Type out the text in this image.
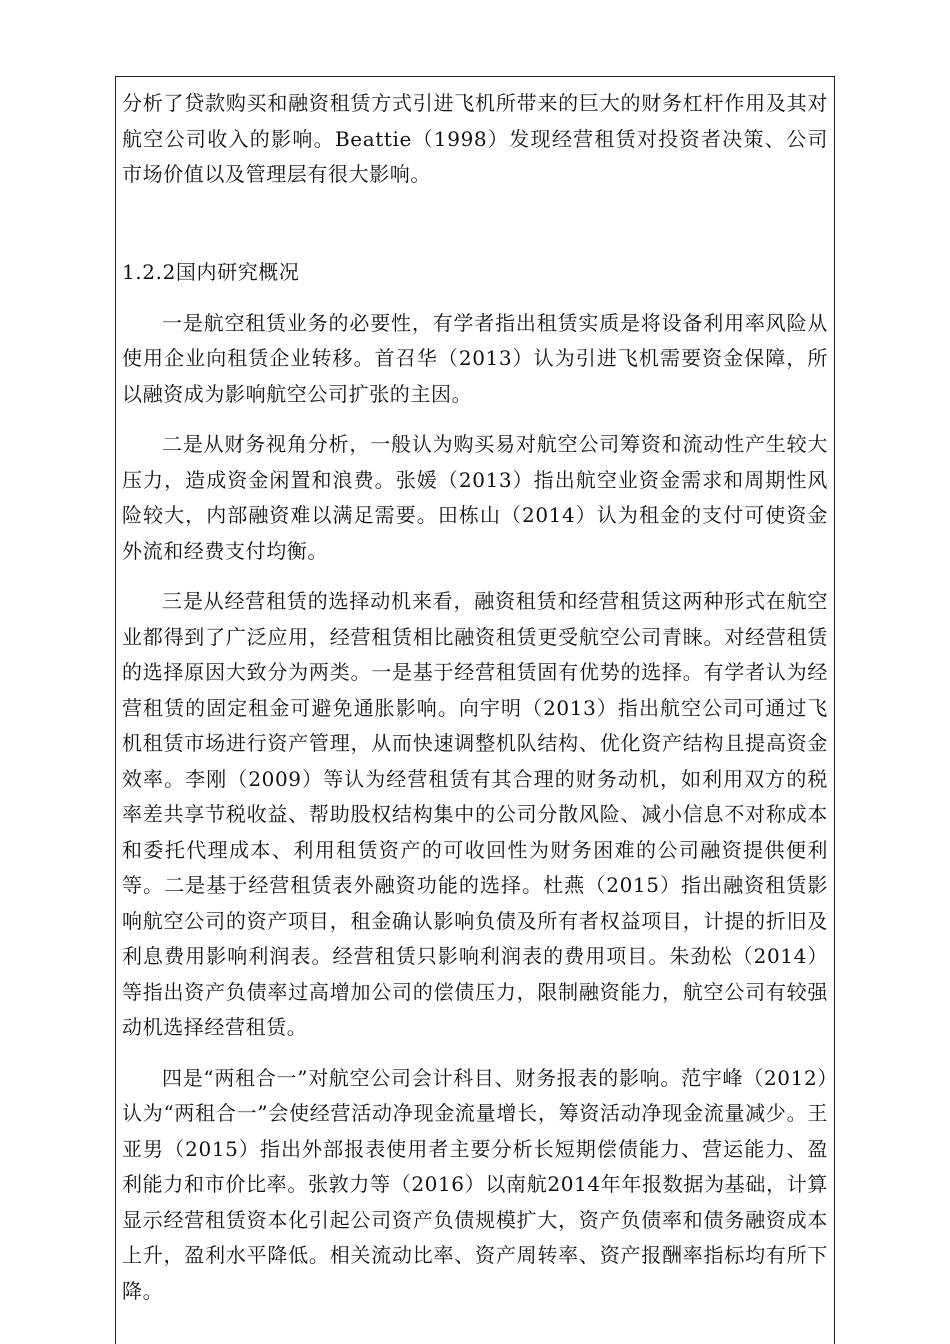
分析了贷款购买和融资租赁方式引进飞机所带来的巨大的财务杠杆作用及其对航空公司收入的影响。Beattie（1998）发现经营租赁对投资者决策、公司市场价值以及管理层有很大影响。

1.2.2国内研究概况

一是航空租赁业务的必要性，有学者指出租赁实质是将设备利用率风险从使用企业向租赁企业转移。首召华（2013）认为引进飞机需要资金保障，所以融资成为影响航空公司扩张的主因。

二是从财务视角分析，一般认为购买易对航空公司筹资和流动性产生较大压力，造成资金闲置和浪费。张媛（2013）指出航空业资金需求和周期性风险较大，内部融资难以满足需要。田栋山（2014）认为租金的支付可使资金外流和经费支付均衡。

三是从经营租赁的选择动机来看，融资租赁和经营租赁这两种形式在航空业都得到了广泛应用，经营租赁相比融资租赁更受航空公司青睐。对经营租赁的选择原因大致分为两类。一是基于经营租赁固有优势的选择。有学者认为经营租赁的固定租金可避免通胀影响。向宇明（2013）指出航空公司可通过飞机租赁市场进行资产管理，从而快速调整机队结构、优化资产结构且提高资金效率。李刚（2009）等认为经营租赁有其合理的财务动机，如利用双方的税率差共享节税收益、帮助股权结构集中的公司分散风险、减小信息不对称成本和委托代理成本、利用租赁资产的可收回性为财务困难的公司融资提供便利等。二是基于经营租赁表外融资功能的选择。杜燕（2015）指出融资租赁影响航空公司的资产项目，租金确认影响负债及所有者权益项目，计提的折旧及利息费用影响利润表。经营租赁只影响利润表的费用项目。朱劲松（2014）等指出资产负债率过高增加公司的偿债压力，限制融资能力，航空公司有较强动机选择经营租赁。

四是“两租合一”对航空公司会计科目、财务报表的影响。范宇峰（2012）认为“两租合一”会使经营活动净现金流量增长，筹资活动净现金流量减少。王亚男（2015）指出外部报表使用者主要分析长短期偿债能力、营运能力、盈利能力和市价比率。张敦力等（2016）以南航2014年年报数据为基础，计算显示经营租赁资本化引起公司资产负债规模扩大，资产负债率和债务融资成本上升，盈利水平降低。相关流动比率、资产周转率、资产报酬率指标均有所下降。
